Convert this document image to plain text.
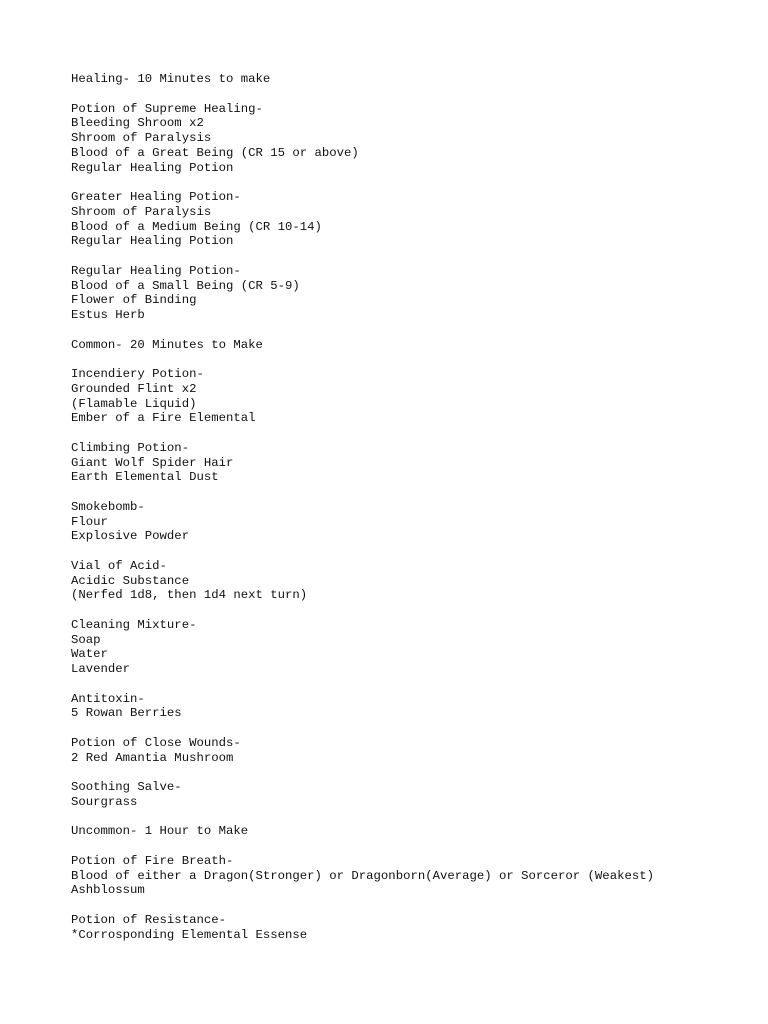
Healing- 10 Minutes to make
Potion of Supreme Healing-
Bleeding Shroom x2
Shroom of Paralysis
Blood of a Great Being (CR 15 or above)
Regular Healing Potion
Greater Healing Potion-
Shroom of Paralysis
Blood of a Medium Being (CR 10-14)
Regular Healing Potion
Regular Healing Potion-
Blood of a Small Being (CR 5-9)
Flower of Binding
Estus Herb
Common- 20 Minutes to Make
Incendiery Potion-
Grounded Flint x2
(Flamable Liquid)
Ember of a Fire Elemental
Climbing Potion-
Giant Wolf Spider Hair
Earth Elemental Dust
Smokebomb-
Flour
Explosive Powder
Vial of Acid-
Acidic Substance
(Nerfed 1d8, then 1d4 next turn)
Cleaning Mixture-
Soap
Water
Lavender
Antitoxin-
5 Rowan Berries
Potion of Close Wounds-
2 Red Amantia Mushroom
Soothing Salve-
Sourgrass
Uncommon- 1 Hour to Make
Potion of Fire Breath-
Blood of either a Dragon(Stronger) or Dragonborn(Average) or Sorceror (Weakest)
Ashblossum
Potion of Resistance-
*Corrosponding Elemental Essense
